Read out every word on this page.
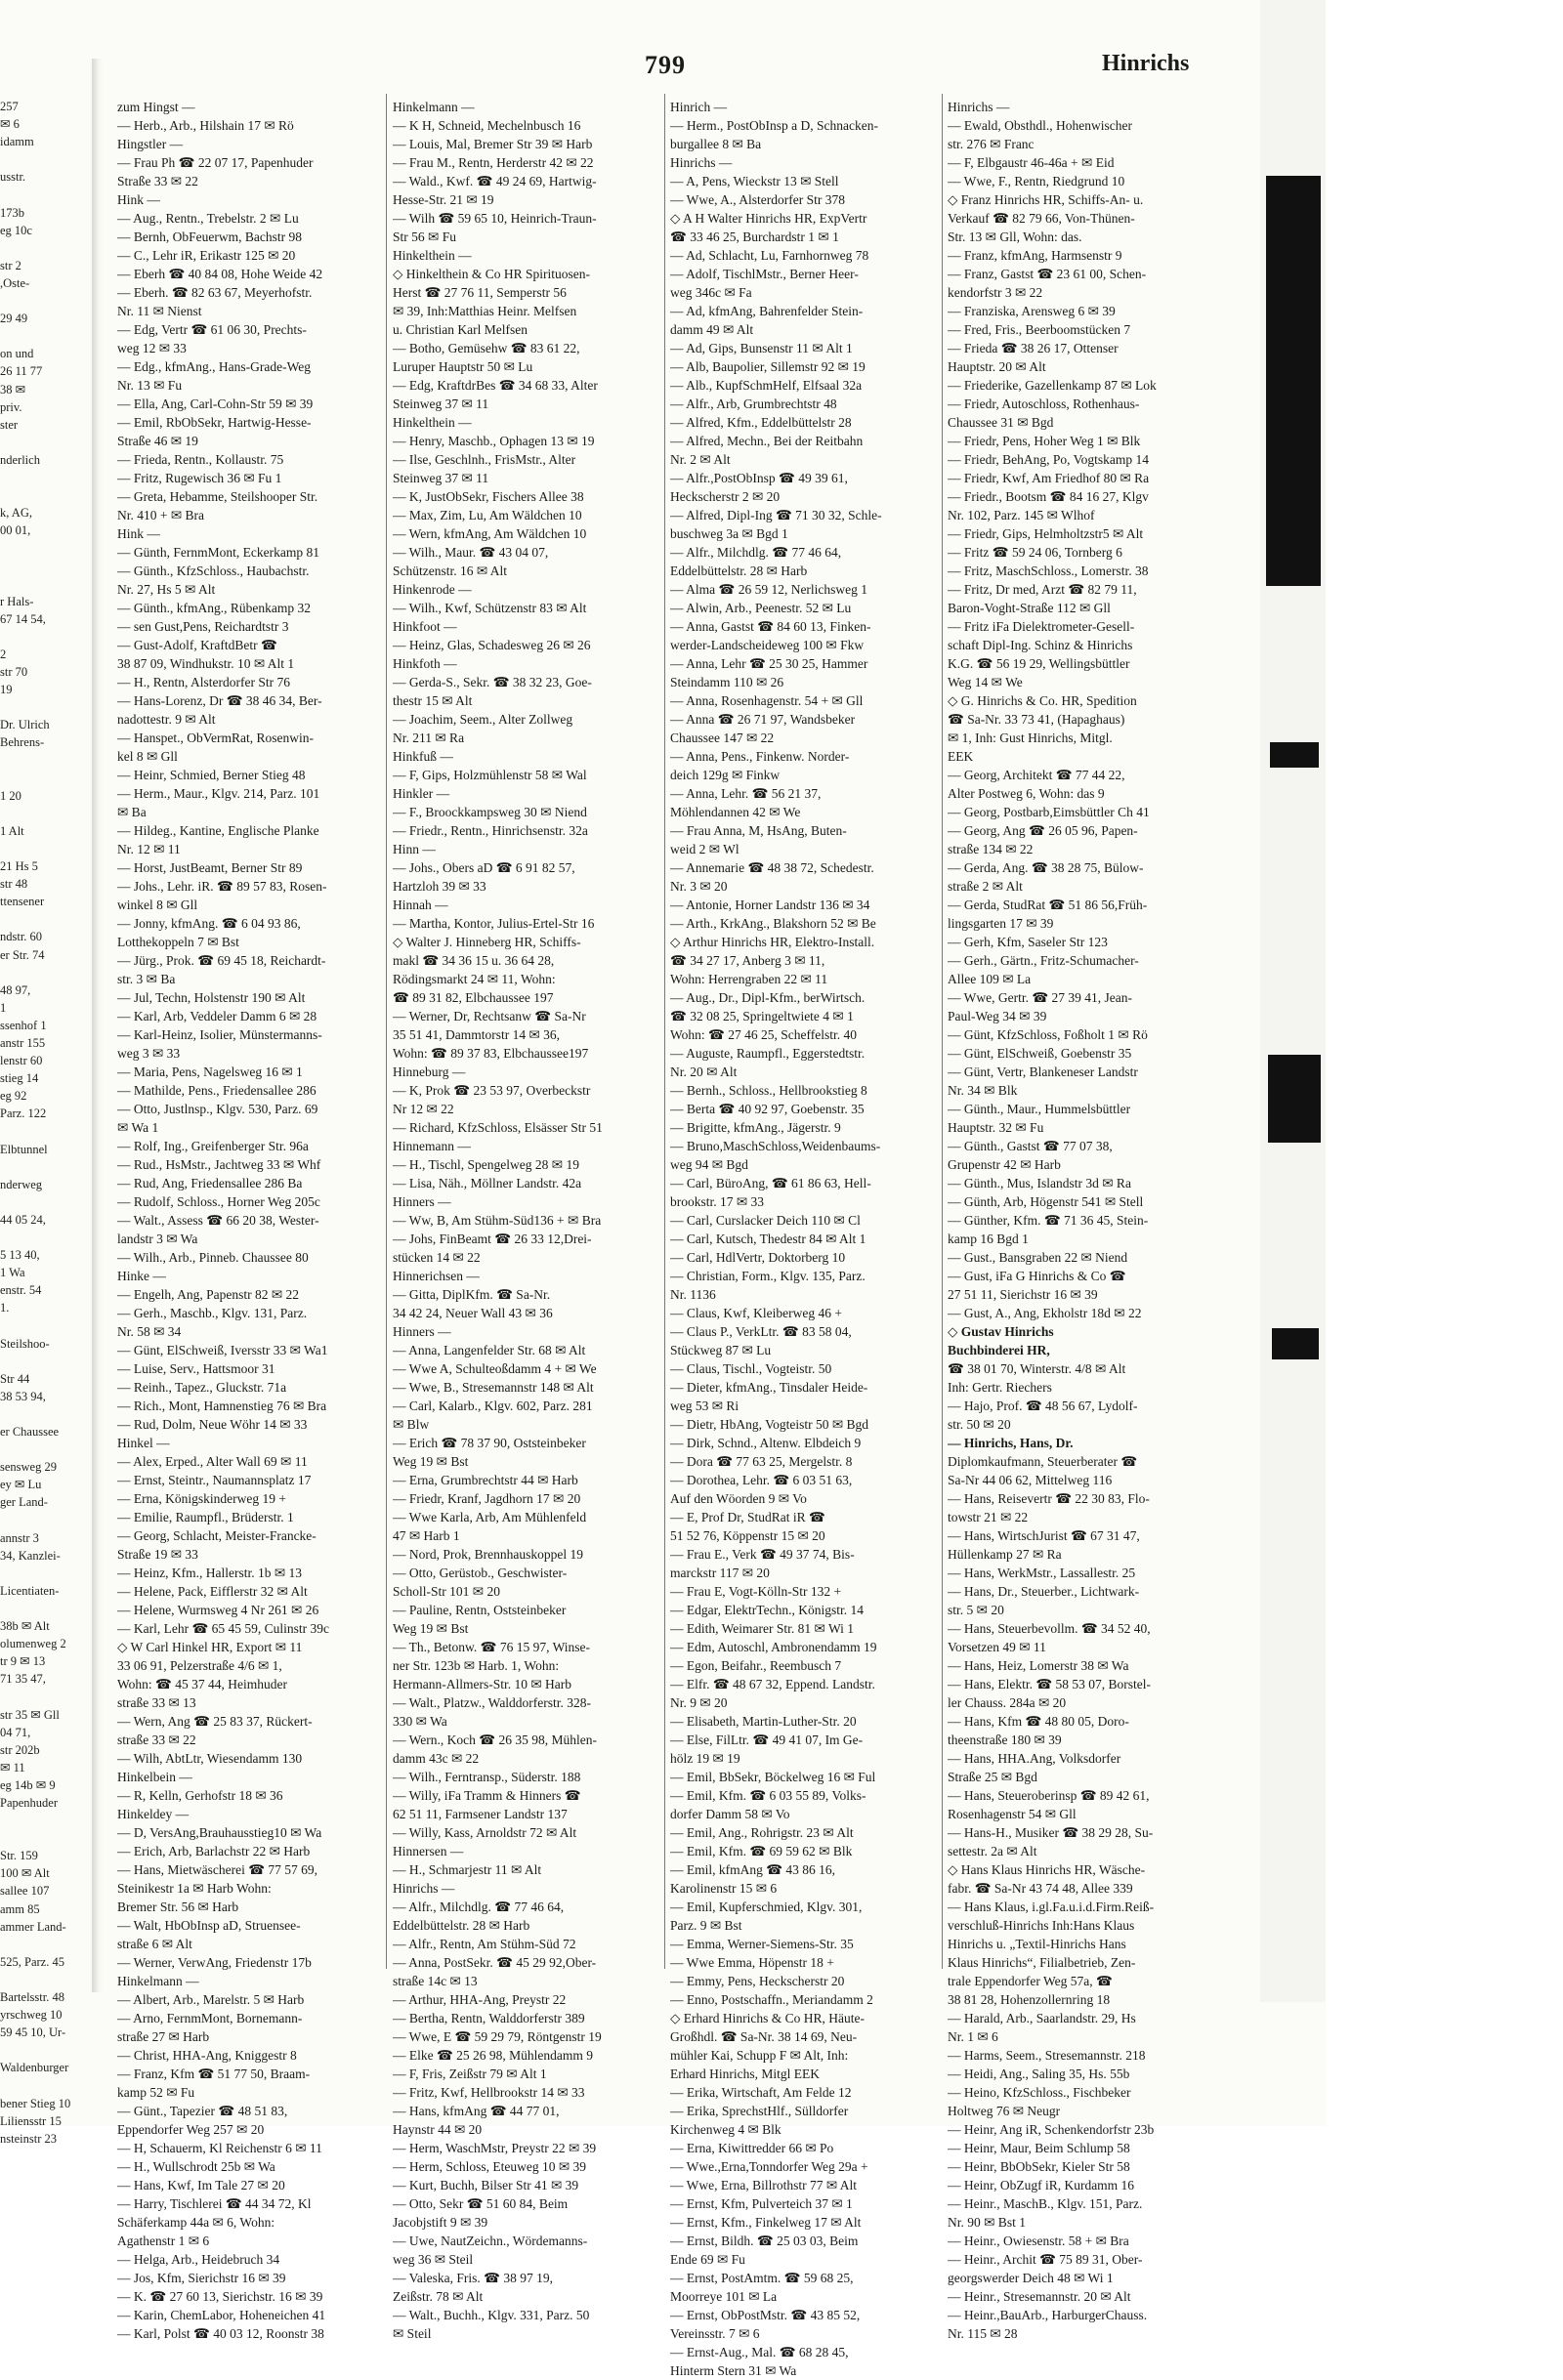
257
✉ 6
idamm
usstr.
173b
eg 10c
str 2
,Oste-
29 49
on und
26 11 77
38 ✉
priv.
ster
nderlich
k, AG,
00 01,
r Hals-
67 14 54,
2
str 70
19
Dr. Ulrich
Behrens-
1 20
1 Alt
21 Hs 5
str 48
ttensener
ndstr. 60
er Str. 74
48 97,
1
ssenhof 1
anstr 155
lenstr 60
stieg 14
eg 92
Parz. 122
Elbtunnel
nderweg
44 05 24,
5 13 40,
1 Wa
enstr. 54
1.
Steilshoo-
Str 44
38 53 94,
er Chaussee
sensweg 29
ey ✉ Lu
ger Land-
annstr 3
34, Kanzlei-
Licentiaten-
38b ✉ Alt
olumenweg 2
tr 9 ✉ 13
71 35 47,
str 35 ✉ Gll
04 71,
str 202b
✉ 11
eg 14b ✉ 9
Papenhuder
Str. 159
100 ✉ Alt
sallee 107
amm 85
ammer Land-
525, Parz. 45
Bartelsstr. 48
yrschweg 10
59 45 10, Ur-
Waldenburger
bener Stieg 10
Liliensstr 15
nsteinstr 23
799	Hinrichs
zum Hingst —
— Herb., Arb., Hilshain 17 ✉ Rö
Hingstler —
— Frau Ph ☎ 22 07 17, Papenhuder
Straße 33 ✉ 22
Hink —
— Aug., Rentn., Trebelstr. 2 ✉ Lu
— Bernh, ObFeuerwm, Bachstr 98
— C., Lehr iR, Erikastr 125 ✉ 20
— Eberh ☎ 40 84 08, Hohe Weide 42
— Eberh. ☎ 82 63 67, Meyerhofstr.
Nr. 11 ✉ Nienst
— Edg, Vertr ☎ 61 06 30, Prechts-
weg 12 ✉ 33
— Edg., kfmAng., Hans-Grade-Weg
Nr. 13 ✉ Fu
— Ella, Ang, Carl-Cohn-Str 59 ✉ 39
— Emil, RbObSekr, Hartwig-Hesse-
Straße 46 ✉ 19
— Frieda, Rentn., Kollaustr. 75
— Fritz, Rugewisch 36 ✉ Fu 1
— Greta, Hebamme, Steilshooper Str.
Nr. 410 + ✉ Bra
Hink —
— Günth, FernmMont, Eckerkamp 81
— Günth., KfzSchloss., Haubachstr.
Nr. 27, Hs 5 ✉ Alt
— Günth., kfmAng., Rübenkamp 32
— sen Gust,Pens, Reichardtstr 3
— Gust-Adolf, KraftdBetr ☎
38 87 09, Windhukstr. 10 ✉ Alt 1
— H., Rentn, Alsterdorfer Str 76
— Hans-Lorenz, Dr ☎ 38 46 34, Ber-
nadottestr. 9 ✉ Alt
— Hanspet., ObVermRat, Rosenwin-
kel 8 ✉ Gll
— Heinr, Schmied, Berner Stieg 48
— Herm., Maur., Klgv. 214, Parz. 101
✉ Ba
— Hildeg., Kantine, Englische Planke
Nr. 12 ✉ 11
— Horst, JustBeamt, Berner Str 89
— Johs., Lehr. iR. ☎ 89 57 83, Rosen-
winkel 8 ✉ Gll
— Jonny, kfmAng. ☎ 6 04 93 86,
Lotthekoppeln 7 ✉ Bst
— Jürg., Prok. ☎ 69 45 18, Reichardt-
str. 3 ✉ Ba
— Jul, Techn, Holstenstr 190 ✉ Alt
— Karl, Arb, Veddeler Damm 6 ✉ 28
— Karl-Heinz, Isolier, Münstermanns-
weg 3 ✉ 33
— Maria, Pens, Nagelsweg 16 ✉ 1
— Mathilde, Pens., Friedensallee 286
— Otto, Justlnsp., Klgv. 530, Parz. 69
✉ Wa 1
— Rolf, Ing., Greifenberger Str. 96a
— Rud., HsMstr., Jachtweg 33 ✉ Whf
— Rud, Ang, Friedensallee 286 Ba
— Rudolf, Schloss., Horner Weg 205c
— Walt., Assess ☎ 66 20 38, Wester-
landstr 3 ✉ Wa
— Wilh., Arb., Pinneb. Chaussee 80
Hinke —
— Engelh, Ang, Papenstr 82 ✉ 22
— Gerh., Maschb., Klgv. 131, Parz.
Nr. 58 ✉ 34
— Günt, ElSchweiß, Iversstr 33 ✉ Wa1
— Luise, Serv., Hattsmoor 31
— Reinh., Tapez., Gluckstr. 71a
— Rich., Mont, Hamnenstieg 76 ✉ Bra
— Rud, Dolm, Neue Wöhr 14 ✉ 33
Hinkel —
— Alex, Erped., Alter Wall 69 ✉ 11
— Ernst, Steintr., Naumannsplatz 17
— Erna, Königskinderweg 19 +
— Emilie, Raumpfl., Brüderstr. 1
— Georg, Schlacht, Meister-Francke-
Straße 19 ✉ 33
— Heinz, Kfm., Hallerstr. 1b ✉ 13
— Helene, Pack, Eifflerstr 32 ✉ Alt
— Helene, Wurmsweg 4 Nr 261 ✉ 26
— Karl, Lehr ☎ 65 45 59, Culinstr 39c
◇ W Carl Hinkel HR, Export ✉ 11
33 06 91, Pelzerstraße 4/6 ✉ 1,
Wohn: ☎ 45 37 44, Heimhuder
straße 33 ✉ 13
— Wern, Ang ☎ 25 83 37, Rückert-
straße 33 ✉ 22
— Wilh, AbtLtr, Wiesendamm 130
Hinkelbein —
— R, Kelln, Gerhofstr 18 ✉ 36
Hinkeldey —
— D, VersAng,Brauhausstieg10 ✉ Wa
— Erich, Arb, Barlachstr 22 ✉ Harb
— Hans, Mietwäscherei ☎ 77 57 69,
Steinikestr 1a ✉ Harb Wohn:
Bremer Str. 56 ✉ Harb
— Walt, HbObInsp aD, Struensee-
straße 6 ✉ Alt
— Werner, VerwAng, Friedenstr 17b
Hinkelmann —
— Albert, Arb., Marelstr. 5 ✉ Harb
— Arno, FernmMont, Bornemann-
straße 27 ✉ Harb
— Christ, HHA-Ang, Kniggestr 8
— Franz, Kfm ☎ 51 77 50, Braam-
kamp 52 ✉ Fu
— Günt., Tapezier ☎ 48 51 83,
Eppendorfer Weg 257 ✉ 20
— H, Schauerm, Kl Reichenstr 6 ✉ 11
— H., Wullschrodt 25b ✉ Wa
— Hans, Kwf, Im Tale 27 ✉ 20
— Harry, Tischlerei ☎ 44 34 72, Kl
Schäferkamp 44a ✉ 6, Wohn:
Agathenstr 1 ✉ 6
— Helga, Arb., Heidebruch 34
— Jos, Kfm, Sierichstr 16 ✉ 39
— K. ☎ 27 60 13, Sierichstr. 16 ✉ 39
— Karin, ChemLabor, Hoheneichen 41
— Karl, Polst ☎ 40 03 12, Roonstr 38
Hinkelmann —
— K H, Schneid, Mechelnbusch 16
— Louis, Mal, Bremer Str 39 ✉ Harb
— Frau M., Rentn, Herderstr 42 ✉ 22
— Wald., Kwf. ☎ 49 24 69, Hartwig-
Hesse-Str. 21 ✉ 19
— Wilh ☎ 59 65 10, Heinrich-Traun-
Str 56 ✉ Fu
Hinkelthein —
◇ Hinkelthein & Co HR Spirituosen-
Herst ☎ 27 76 11, Semperstr 56
✉ 39, Inh:Matthias Heinr. Melfsen
u. Christian Karl Melfsen
— Botho, Gemüsehw ☎ 83 61 22,
Luruper Hauptstr 50 ✉ Lu
— Edg, KraftdrBes ☎ 34 68 33, Alter
Steinweg 37 ✉ 11
Hinkelthein —
— Henry, Maschb., Ophagen 13 ✉ 19
— Ilse, Geschlnh., FrisMstr., Alter
Steinweg 37 ✉ 11
— K, JustObSekr, Fischers Allee 38
— Max, Zim, Lu, Am Wäldchen 10
— Wern, kfmAng, Am Wäldchen 10
— Wilh., Maur. ☎ 43 04 07,
Schützenstr. 16 ✉ Alt
Hinkenrode —
— Wilh., Kwf, Schützenstr 83 ✉ Alt
Hinkfoot —
— Heinz, Glas, Schadesweg 26 ✉ 26
Hinkfoth —
— Gerda-S., Sekr. ☎ 38 32 23, Goe-
thestr 15 ✉ Alt
— Joachim, Seem., Alter Zollweg
Nr. 211 ✉ Ra
Hinkfuß —
— F, Gips, Holzmühlenstr 58 ✉ Wal
Hinkler —
— F., Broockkampsweg 30 ✉ Niend
— Friedr., Rentn., Hinrichsenstr. 32a
Hinn —
— Johs., Obers aD ☎ 6 91 82 57,
Hartzloh 39 ✉ 33
Hinnah —
— Martha, Kontor, Julius-Ertel-Str 16
◇ Walter J. Hinneberg HR, Schiffs-
makl ☎ 34 36 15 u. 36 64 28,
Rödingsmarkt 24 ✉ 11, Wohn:
☎ 89 31 82, Elbchaussee 197
— Werner, Dr, Rechtsanw ☎ Sa-Nr
35 51 41, Dammtorstr 14 ✉ 36,
Wohn: ☎ 89 37 83, Elbchaussee197
Hinneburg —
— K, Prok ☎ 23 53 97, Overbeckstr
Nr 12 ✉ 22
— Richard, KfzSchloss, Elsässer Str 51
Hinnemann —
— H., Tischl, Spengelweg 28 ✉ 19
— Lisa, Näh., Möllner Landstr. 42a
Hinners —
— Ww, B, Am Stühm-Süd136 + ✉ Bra
— Johs, FinBeamt ☎ 26 33 12,Drei-
stücken 14 ✉ 22
Hinnerichsen —
— Gitta, DiplKfm. ☎ Sa-Nr.
34 42 24, Neuer Wall 43 ✉ 36
Hinners —
— Anna, Langenfelder Str. 68 ✉ Alt
— Wwe A, Schulteoßdamm 4 + ✉ We
— Wwe, B., Stresemannstr 148 ✉ Alt
— Carl, Kalarb., Klgv. 602, Parz. 281
✉ Blw
— Erich ☎ 78 37 90, Oststeinbeker
Weg 19 ✉ Bst
— Erna, Grumbrechtstr 44 ✉ Harb
— Friedr, Kranf, Jagdhorn 17 ✉ 20
— Wwe Karla, Arb, Am Mühlenfeld
47 ✉ Harb 1
— Nord, Prok, Brennhauskoppel 19
— Otto, Gerüstob., Geschwister-
Scholl-Str 101 ✉ 20
— Pauline, Rentn, Oststeinbeker
Weg 19 ✉ Bst
— Th., Betonw. ☎ 76 15 97, Winse-
ner Str. 123b ✉ Harb. 1, Wohn:
Hermann-Allmers-Str. 10 ✉ Harb
— Walt., Platzw., Walddorferstr. 328-
330 ✉ Wa
— Wern., Koch ☎ 26 35 98, Mühlen-
damm 43c ✉ 22
— Wilh., Ferntransp., Süderstr. 188
— Willy, iFa Tramm & Hinners ☎
62 51 11, Farmsener Landstr 137
— Willy, Kass, Arnoldstr 72 ✉ Alt
Hinnersen —
— H., Schmarjestr 11 ✉ Alt
Hinrichs —
— Alfr., Milchdlg. ☎ 77 46 64,
Eddelbüttelstr. 28 ✉ Harb
— Alfr., Rentn, Am Stühm-Süd 72
— Anna, PostSekr. ☎ 45 29 92,Ober-
straße 14c ✉ 13
— Arthur, HHA-Ang, Preystr 22
— Bertha, Rentn, Walddorferstr 389
— Wwe, E ☎ 59 29 79, Röntgenstr 19
— Elke ☎ 25 26 98, Mühlendamm 9
— F, Fris, Zeißstr 79 ✉ Alt 1
— Fritz, Kwf, Hellbrookstr 14 ✉ 33
— Hans, kfmAng ☎ 44 77 01,
Haynstr 44 ✉ 20
— Herm, WaschMstr, Preystr 22 ✉ 39
— Herm, Schloss, Eteuweg 10 ✉ 39
— Kurt, Buchh, Bilser Str 41 ✉ 39
— Otto, Sekr ☎ 51 60 84, Beim
Jacobjstift 9 ✉ 39
— Uwe, NautZeichn., Wördemanns-
weg 36 ✉ Steil
— Valeska, Fris. ☎ 38 97 19,
Zeißstr. 78 ✉ Alt
— Walt., Buchh., Klgv. 331, Parz. 50
✉ Steil
Hinrich —
— Herm., PostObInsp a D, Schnacken-
burgallee 8 ✉ Ba
Hinrichs —
— A, Pens, Wieckstr 13 ✉ Stell
— Wwe, A., Alsterdorfer Str 378
◇ A H Walter Hinrichs HR, ExpVertr
☎ 33 46 25, Burchardstr 1 ✉ 1
— Ad, Schlacht, Lu, Farnhornweg 78
— Adolf, TischlMstr., Berner Heer-
weg 346c ✉ Fa
— Ad, kfmAng, Bahrenfelder Stein-
damm 49 ✉ Alt
— Ad, Gips, Bunsenstr 11 ✉ Alt 1
— Alb, Baupolier, Sillemstr 92 ✉ 19
— Alb., KupfSchmHelf, Elfsaal 32a
— Alfr., Arb, Grumbrechtstr 48
— Alfred, Kfm., Eddelbüttelstr 28
— Alfred, Mechn., Bei der Reitbahn
Nr. 2 ✉ Alt
— Alfr.,PostObInsp ☎ 49 39 61,
Heckscherstr 2 ✉ 20
— Alfred, Dipl-Ing ☎ 71 30 32, Schle-
buschweg 3a ✉ Bgd 1
— Alfr., Milchdlg. ☎ 77 46 64,
Eddelbüttelstr. 28 ✉ Harb
— Alma ☎ 26 59 12, Nerlichsweg 1
— Alwin, Arb., Peenestr. 52 ✉ Lu
— Anna, Gastst ☎ 84 60 13, Finken-
werder-Landscheideweg 100 ✉ Fkw
— Anna, Lehr ☎ 25 30 25, Hammer
Steindamm 110 ✉ 26
— Anna, Rosenhagenstr. 54 + ✉ Gll
— Anna ☎ 26 71 97, Wandsbeker
Chaussee 147 ✉ 22
— Anna, Pens., Finkenw. Norder-
deich 129g ✉ Finkw
— Anna, Lehr. ☎ 56 21 37,
Möhlendannen 42 ✉ We
— Frau Anna, M, HsAng, Buten-
weid 2 ✉ Wl
— Annemarie ☎ 48 38 72, Schedestr.
Nr. 3 ✉ 20
— Antonie, Horner Landstr 136 ✉ 34
— Arth., KrkAng., Blakshorn 52 ✉ Be
◇ Arthur Hinrichs HR, Elektro-Install.
☎ 34 27 17, Anberg 3 ✉ 11,
Wohn: Herrengraben 22 ✉ 11
— Aug., Dr., Dipl-Kfm., berWirtsch.
☎ 32 08 25, Springeltwiete 4 ✉ 1
Wohn: ☎ 27 46 25, Scheffelstr. 40
— Auguste, Raumpfl., Eggerstedtstr.
Nr. 20 ✉ Alt
— Bernh., Schloss., Hellbrookstieg 8
— Berta ☎ 40 92 97, Goebenstr. 35
— Brigitte, kfmAng., Jägerstr. 9
— Bruno,MaschSchloss,Weidenbaums-
weg 94 ✉ Bgd
— Carl, BüroAng, ☎ 61 86 63, Hell-
brookstr. 17 ✉ 33
— Carl, Curslacker Deich 110 ✉ Cl
— Carl, Kutsch, Thedestr 84 ✉ Alt 1
— Carl, HdlVertr, Doktorberg 10
— Christian, Form., Klgv. 135, Parz.
Nr. 1136
— Claus, Kwf, Kleiberweg 46 +
— Claus P., VerkLtr. ☎ 83 58 04,
Stückweg 87 ✉ Lu
— Claus, Tischl., Vogteistr. 50
— Dieter, kfmAng., Tinsdaler Heide-
weg 53 ✉ Ri
— Dietr, HbAng, Vogteistr 50 ✉ Bgd
— Dirk, Schnd., Altenw. Elbdeich 9
— Dora ☎ 77 63 25, Mergelstr. 8
— Dorothea, Lehr. ☎ 6 03 51 63,
Auf den Wöorden 9 ✉ Vo
— E, Prof Dr, StudRat iR ☎
51 52 76, Köppenstr 15 ✉ 20
— Frau E., Verk ☎ 49 37 74, Bis-
marckstr 117 ✉ 20
— Frau E, Vogt-Kölln-Str 132 +
— Edgar, ElektrTechn., Königstr. 14
— Edith, Weimarer Str. 81 ✉ Wi 1
— Edm, Autoschl, Ambronendamm 19
— Egon, Beifahr., Reembusch 7
— Elfr. ☎ 48 67 32, Eppend. Landstr.
Nr. 9 ✉ 20
— Elisabeth, Martin-Luther-Str. 20
— Else, FilLtr. ☎ 49 41 07, Im Ge-
hölz 19 ✉ 19
— Emil, BbSekr, Böckelweg 16 ✉ Ful
— Emil, Kfm. ☎ 6 03 55 89, Volks-
dorfer Damm 58 ✉ Vo
— Emil, Ang., Rohrigstr. 23 ✉ Alt
— Emil, Kfm. ☎ 69 59 62 ✉ Blk
— Emil, kfmAng ☎ 43 86 16,
Karolinenstr 15 ✉ 6
— Emil, Kupferschmied, Klgv. 301,
Parz. 9 ✉ Bst
— Emma, Werner-Siemens-Str. 35
— Wwe Emma, Höpenstr 18 +
— Emmy, Pens, Heckscherstr 20
— Enno, Postschaffn., Meriandamm 2
◇ Erhard Hinrichs & Co HR, Häute-
Großhdl. ☎ Sa-Nr. 38 14 69, Neu-
mühler Kai, Schupp F ✉ Alt, Inh:
Erhard Hinrichs, Mitgl EEK
— Erika, Wirtschaft, Am Felde 12
— Erika, SprechstHlf., Sülldorfer
Kirchenweg 4 ✉ Blk
— Erna, Kiwittredder 66 ✉ Po
— Wwe.,Erna,Tonndorfer Weg 29a +
— Wwe, Erna, Billrothstr 77 ✉ Alt
— Ernst, Kfm, Pulverteich 37 ✉ 1
— Ernst, Kfm., Finkelweg 17 ✉ Alt
— Ernst, Bildh. ☎ 25 03 03, Beim
Ende 69 ✉ Fu
— Ernst, PostAmtm. ☎ 59 68 25,
Moorreye 101 ✉ La
— Ernst, ObPostMstr. ☎ 43 85 52,
Vereinsstr. 7 ✉ 6
— Ernst-Aug., Mal. ☎ 68 28 45,
Hinterm Stern 31 ✉ Wa
Hinrichs —
— Ewald, Obsthdl., Hohenwischer
str. 276 ✉ Franc
— F, Elbgaustr 46-46a + ✉ Eid
— Wwe, F., Rentn, Riedgrund 10
◇ Franz Hinrichs HR, Schiffs-An- u.
Verkauf ☎ 82 79 66, Von-Thünen-
Str. 13 ✉ Gll, Wohn: das.
— Franz, kfmAng, Harmsenstr 9
— Franz, Gastst ☎ 23 61 00, Schen-
kendorfstr 3 ✉ 22
— Franziska, Arensweg 6 ✉ 39
— Fred, Fris., Beerboomstücken 7
— Frieda ☎ 38 26 17, Ottenser
Hauptstr. 20 ✉ Alt
— Friederike, Gazellenkamp 87 ✉ Lok
— Friedr, Autoschloss, Rothenhaus-
Chaussee 31 ✉ Bgd
— Friedr, Pens, Hoher Weg 1 ✉ Blk
— Friedr, BehAng, Po, Vogtskamp 14
— Friedr, Kwf, Am Friedhof 80 ✉ Ra
— Friedr., Bootsm ☎ 84 16 27, Klgv
Nr. 102, Parz. 145 ✉ Wlhof
— Friedr, Gips, Helmholtzstr5 ✉ Alt
— Fritz ☎ 59 24 06, Tornberg 6
— Fritz, MaschSchloss., Lomerstr. 38
— Fritz, Dr med, Arzt ☎ 82 79 11,
Baron-Voght-Straße 112 ✉ Gll
— Fritz iFa Dielektrometer-Gesell-
schaft Dipl-Ing. Schinz & Hinrichs
K.G. ☎ 56 19 29, Wellingsbüttler
Weg 14 ✉ We
◇ G. Hinrichs & Co. HR, Spedition
☎ Sa-Nr. 33 73 41, (Hapaghaus)
✉ 1, Inh: Gust Hinrichs, Mitgl.
EEK
— Georg, Architekt ☎ 77 44 22,
Alter Postweg 6, Wohn: das 9
— Georg, Postbarb,Eimsbüttler Ch 41
— Georg, Ang ☎ 26 05 96, Papen-
straße 134 ✉ 22
— Gerda, Ang. ☎ 38 28 75, Bülow-
straße 2 ✉ Alt
— Gerda, StudRat ☎ 51 86 56,Früh-
lingsgarten 17 ✉ 39
— Gerh, Kfm, Saseler Str 123
— Gerh., Gärtn., Fritz-Schumacher-
Allee 109 ✉ La
— Wwe, Gertr. ☎ 27 39 41, Jean-
Paul-Weg 34 ✉ 39
— Günt, KfzSchloss, Foßholt 1 ✉ Rö
— Günt, ElSchweiß, Goebenstr 35
— Günt, Vertr, Blankeneser Landstr
Nr. 34 ✉ Blk
— Günth., Maur., Hummelsbüttler
Hauptstr. 32 ✉ Fu
— Günth., Gastst ☎ 77 07 38,
Grupenstr 42 ✉ Harb
— Günth., Mus, Islandstr 3d ✉ Ra
— Günth, Arb, Högenstr 541 ✉ Stell
— Günther, Kfm. ☎ 71 36 45, Stein-
kamp 16 Bgd 1
— Gust., Bansgraben 22 ✉ Niend
— Gust, iFa G Hinrichs & Co ☎
27 51 11, Sierichstr 16 ✉ 39
— Gust, A., Ang, Ekholstr 18d ✉ 22
◇ Gustav Hinrichs
Buchbinderei HR,
☎ 38 01 70, Winterstr. 4/8 ✉ Alt
Inh: Gertr. Riechers
— Hajo, Prof. ☎ 48 56 67, Lydolf-
str. 50 ✉ 20
— Hinrichs, Hans, Dr.
Diplomkaufmann, Steuerberater ☎
Sa-Nr 44 06 62, Mittelweg 116
— Hans, Reisevertr ☎ 22 30 83, Flo-
towstr 21 ✉ 22
— Hans, WirtschJurist ☎ 67 31 47,
Hüllenkamp 27 ✉ Ra
— Hans, WerkMstr., Lassallestr. 25
— Hans, Dr., Steuerber., Lichtwark-
str. 5 ✉ 20
— Hans, Steuerbevollm. ☎ 34 52 40,
Vorsetzen 49 ✉ 11
— Hans, Heiz, Lomerstr 38 ✉ Wa
— Hans, Elektr. ☎ 58 53 07, Borstel-
ler Chauss. 284a ✉ 20
— Hans, Kfm ☎ 48 80 05, Doro-
theenstraße 180 ✉ 39
— Hans, HHA.Ang, Volksdorfer
Straße 25 ✉ Bgd
— Hans, Steueroberinsp ☎ 89 42 61,
Rosenhagenstr 54 ✉ Gll
— Hans-H., Musiker ☎ 38 29 28, Su-
settestr. 2a ✉ Alt
◇ Hans Klaus Hinrichs HR, Wäsche-
fabr. ☎ Sa-Nr 43 74 48, Allee 339
— Hans Klaus, i.gl.Fa.u.i.d.Firm.Reiß-
verschluß-Hinrichs Inh:Hans Klaus
Hinrichs u. „Textil-Hinrichs Hans
Klaus Hinrichs“, Filialbetrieb, Zen-
trale Eppendorfer Weg 57a, ☎
38 81 28, Hohenzollernring 18
— Harald, Arb., Saarlandstr. 29, Hs
Nr. 1 ✉ 6
— Harms, Seem., Stresemannstr. 218
— Heidi, Ang., Saling 35, Hs. 55b
— Heino, KfzSchloss., Fischbeker
Holtweg 76 ✉ Neugr
— Heinr, Ang iR, Schenkendorfstr 23b
— Heinr, Maur, Beim Schlump 58
— Heinr, BbObSekr, Kieler Str 58
— Heinr, ObZugf iR, Kurdamm 16
— Heinr., MaschB., Klgv. 151, Parz.
Nr. 90 ✉ Bst 1
— Heinr., Owiesenstr. 58 + ✉ Bra
— Heinr., Archit ☎ 75 89 31, Ober-
georgswerder Deich 48 ✉ Wi 1
— Heinr., Stresemannstr. 20 ✉ Alt
— Heinr.,BauArb., HarburgerChauss.
Nr. 115 ✉ 28
